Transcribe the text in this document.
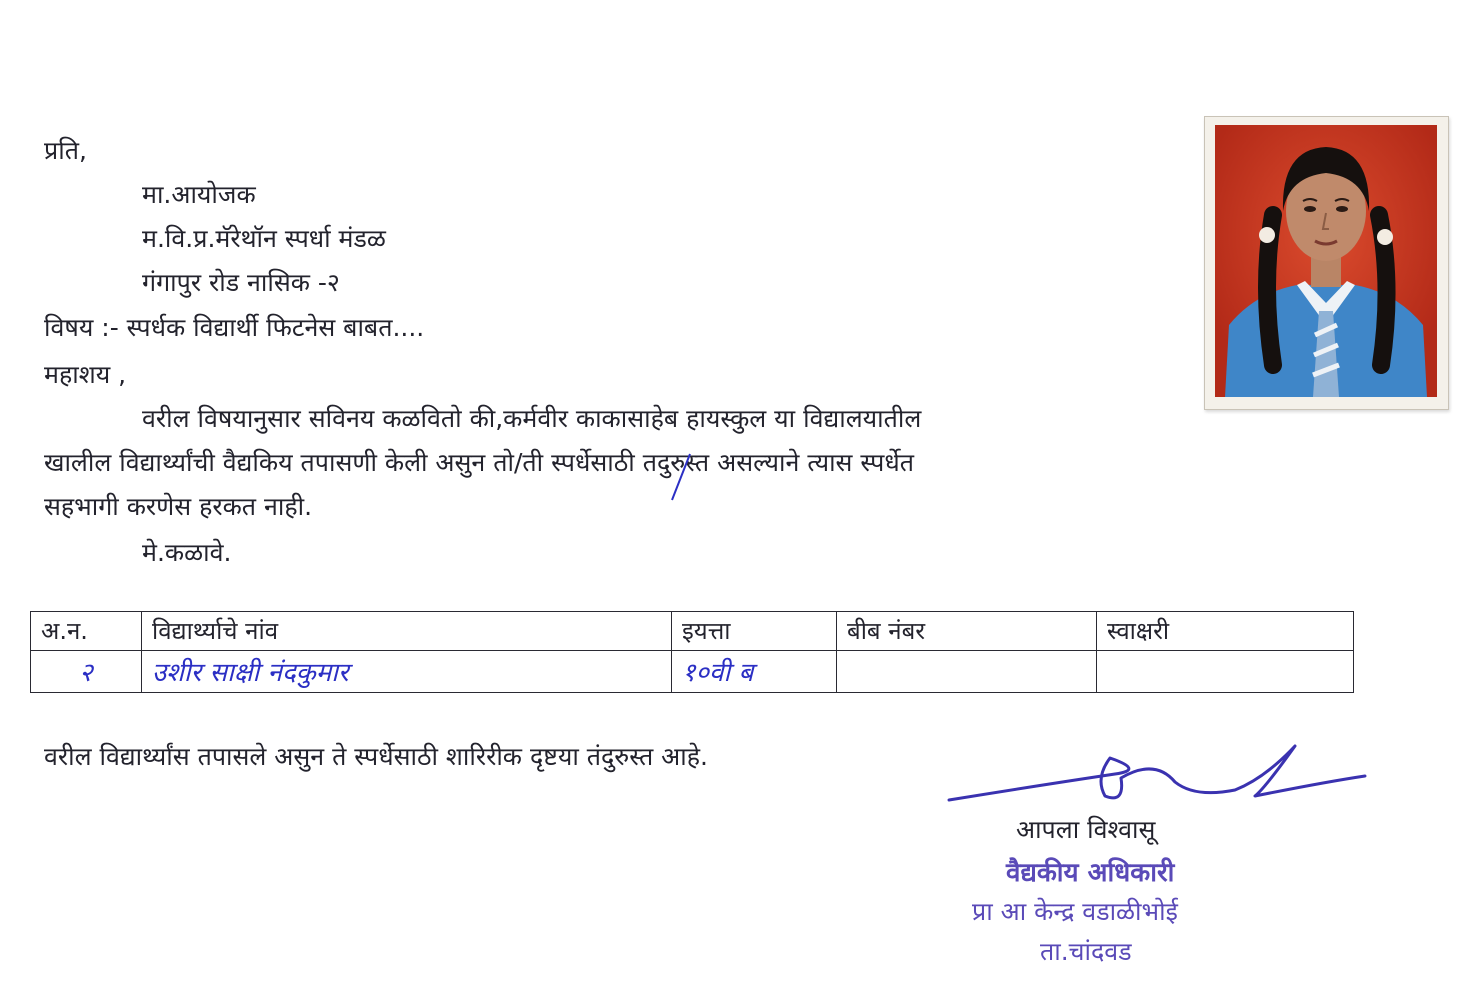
प्रति,
मा.आयोजक
म.वि.प्र.मॅरेथॉन स्पर्धा मंडळ
गंगापुर रोड नासिक -२
विषय :- स्पर्धक विद्यार्थी फिटनेस बाबत....
महाशय ,
वरील विषयानुसार सविनय कळवितो की,कर्मवीर काकासाहेब हायस्कुल या विद्यालयातील
खालील विद्यार्थ्यांची वैद्यकिय तपासणी केली असुन तो/ती स्पर्धेसाठी तदुरुस्त असल्याने त्यास स्पर्धेत
सहभागी करणेस हरकत नाही.
मे.कळावे.
अ.न.	विद्यार्थ्याचे नांव	इयत्ता	बीब नंबर	स्वाक्षरी
२	उशीर साक्षी नंदकुमार	१०वी ब		
वरील विद्यार्थ्यांस तपासले असुन ते स्पर्धेसाठी शारिरीक दृष्टया तंदुरुस्त आहे.
आपला विश्वासू
वैद्यकीय अधिकारी
प्रा आ केन्द्र वडाळीभोई
ता.चांदवड
